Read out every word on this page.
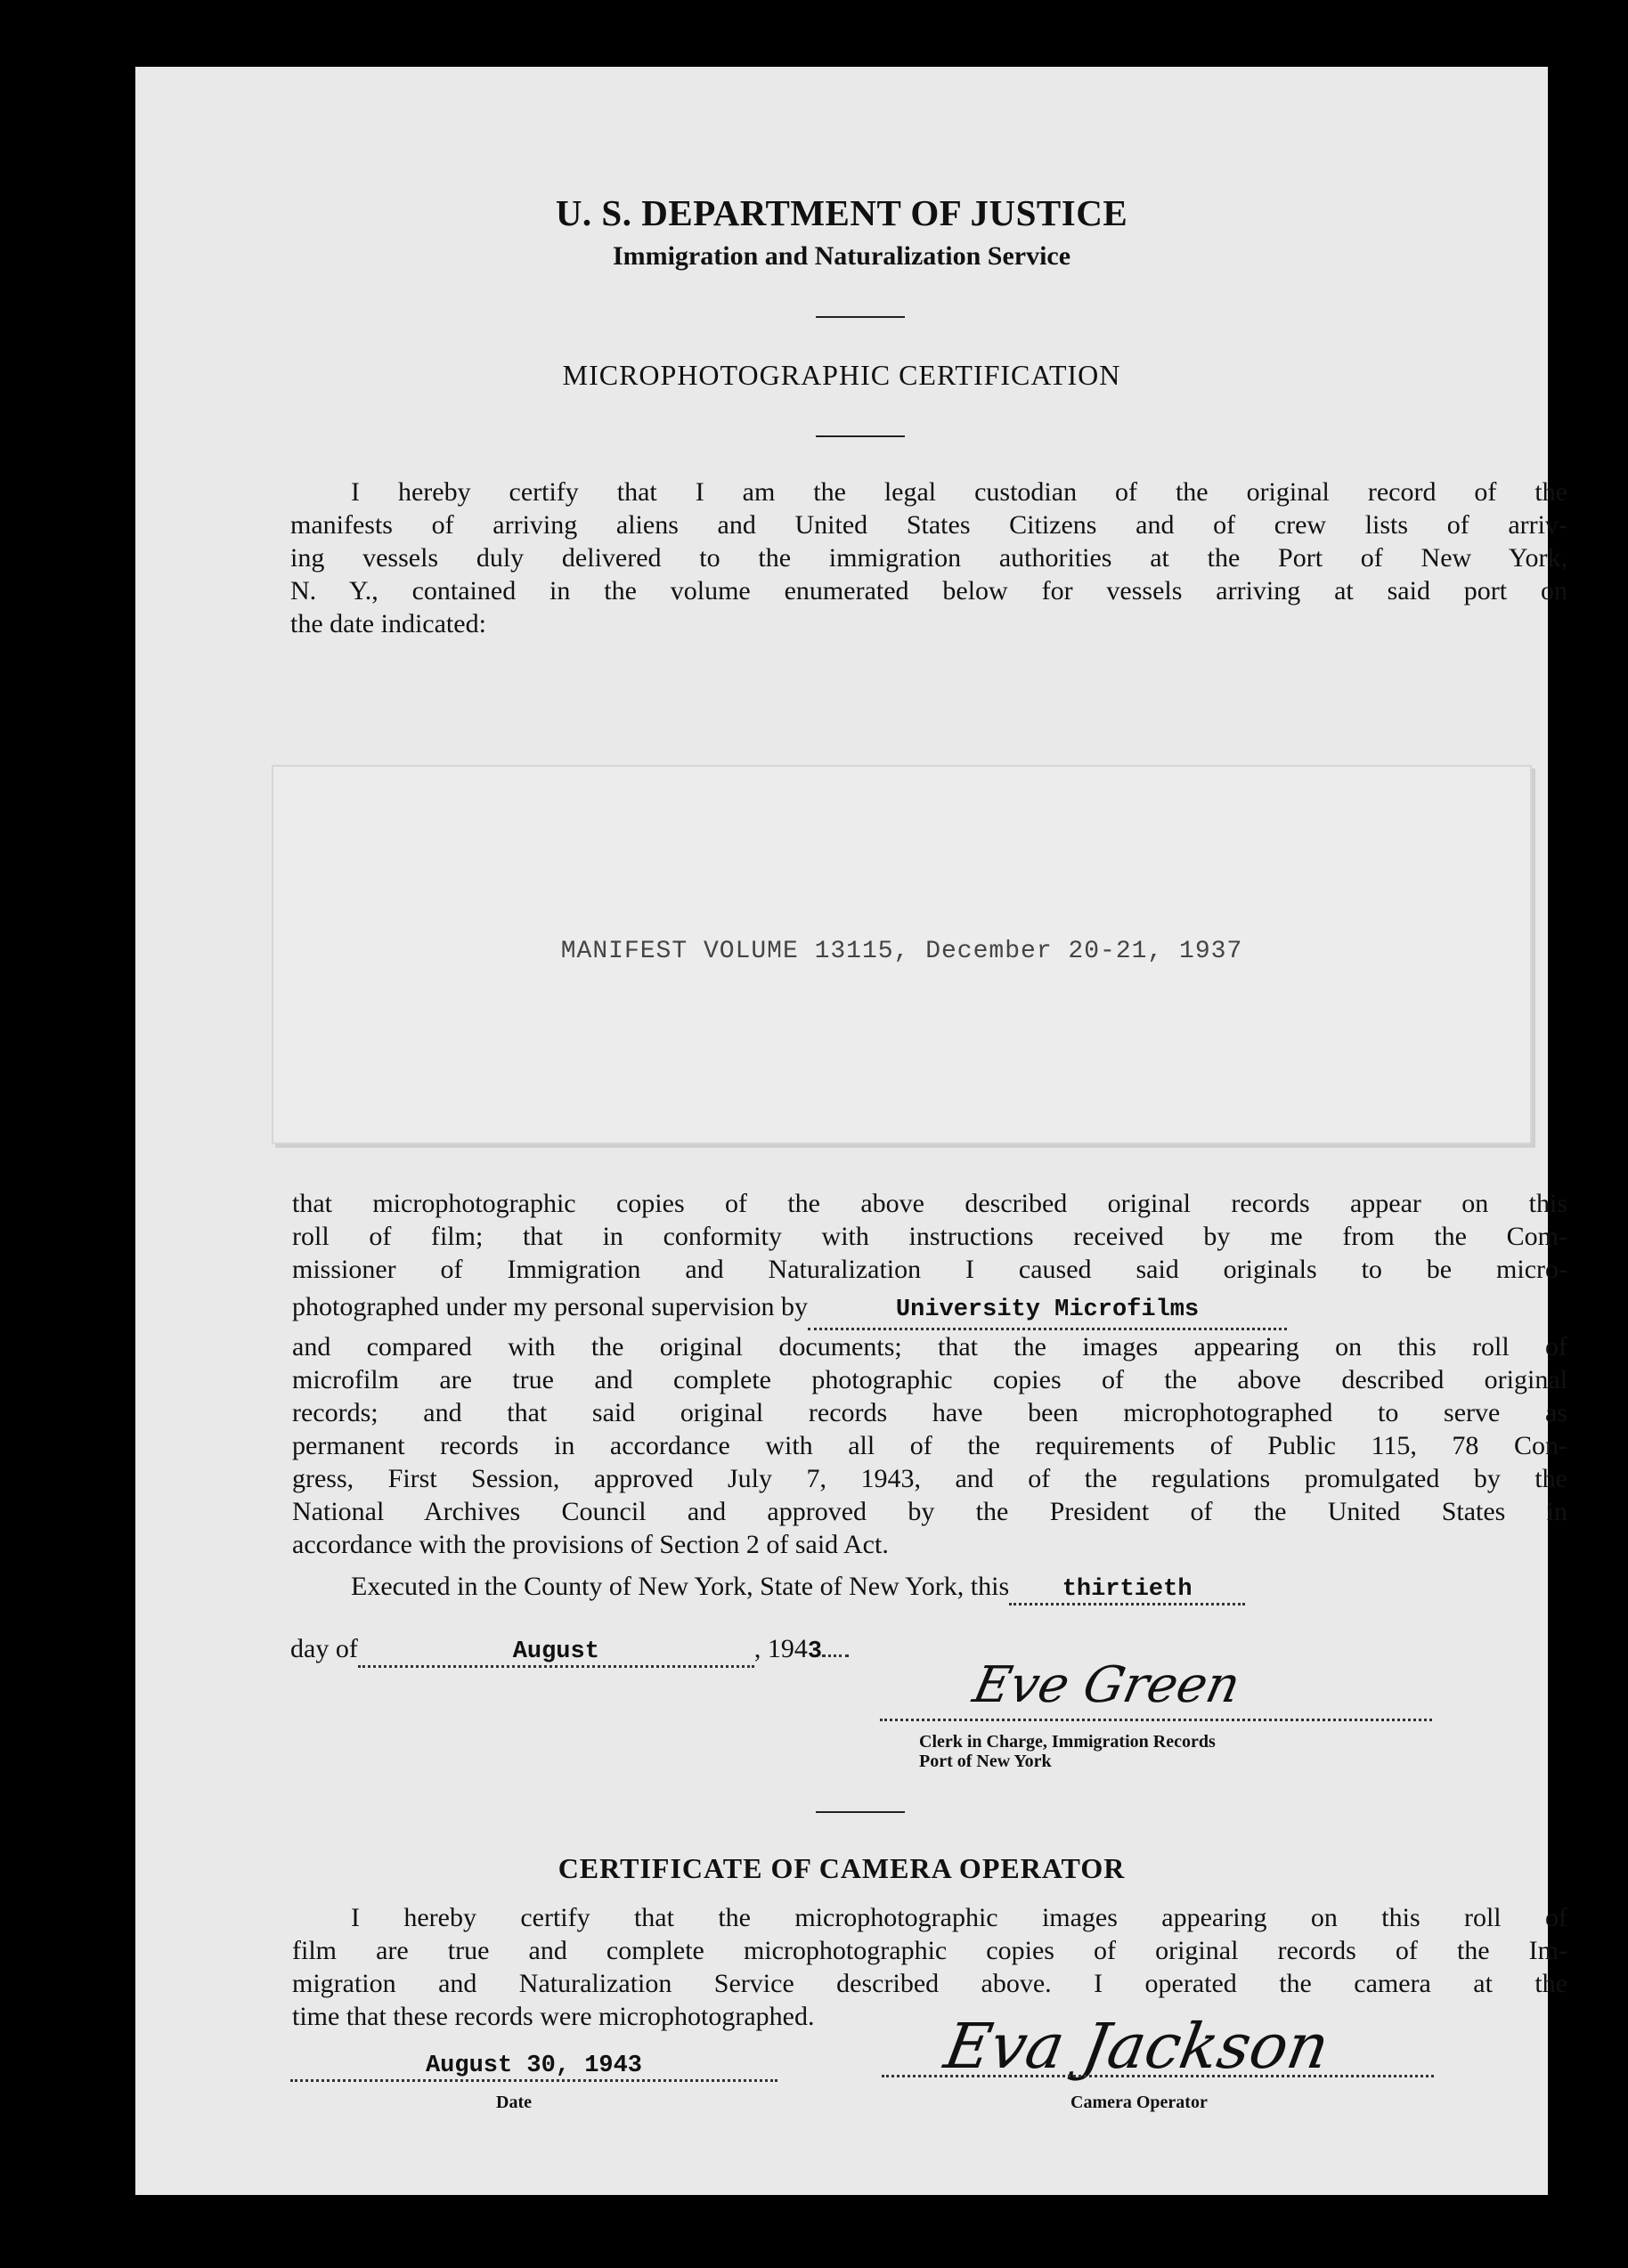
U. S. DEPARTMENT OF JUSTICE
Immigration and Naturalization Service
MICROPHOTOGRAPHIC CERTIFICATION
I hereby certify that I am the legal custodian of the original record of the
manifests of arriving aliens and United States Citizens and of crew lists of arriv-
ing vessels duly delivered to the immigration authorities at the Port of New York,
N. Y., contained in the volume enumerated below for vessels arriving at said port on
the date indicated:
MANIFEST VOLUME 13115, December 20-21, 1937
that microphotographic copies of the above described original records appear on this
roll of film; that in conformity with instructions received by me from the Com-
missioner of Immigration and Naturalization I caused said originals to be micro-
photographed under my personal supervision by	University Microfilms
and compared with the original documents; that the images appearing on this roll of
microfilm are true and complete photographic copies of the above described original
records; and that said original records have been microphotographed to serve as
permanent records in accordance with all of the requirements of Public 115, 78 Con-
gress, First Session, approved July 7, 1943, and of the regulations promulgated by the
National Archives Council and approved by the President of the United States in
accordance with the provisions of Section 2 of said Act.
Executed in the County of New York, State of New York, this thirtieth
day of	August	, 1943
Eve Green
Clerk in Charge, Immigration Records
Port of New York
CERTIFICATE OF CAMERA OPERATOR
I hereby certify that the microphotographic images appearing on this roll of
film are true and complete microphotographic copies of original records of the Im-
migration and Naturalization Service described above. I operated the camera at the
time that these records were microphotographed.
August 30, 1943
Date
Eva Jackson
Camera Operator
